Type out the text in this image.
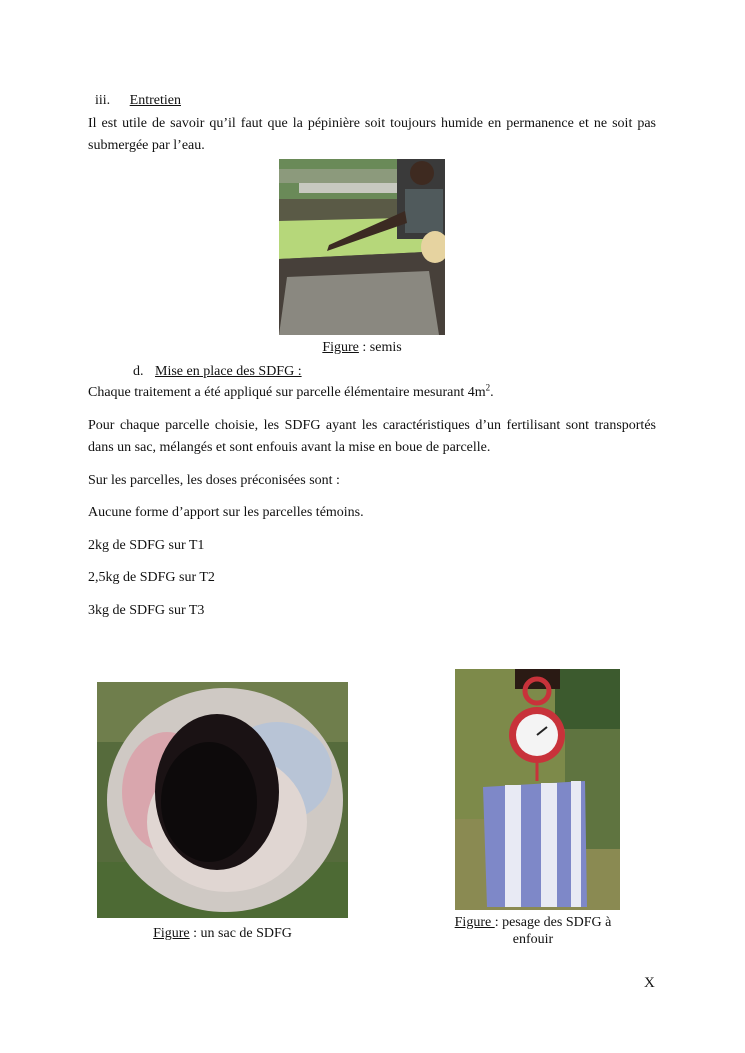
iii. Entretien
Il est utile de savoir qu’il faut que la pépinière soit toujours humide en permanence et ne soit pas submergée par l’eau.
Figure : semis
d. Mise en place des SDFG :
Chaque traitement a été appliqué sur parcelle élémentaire mesurant $4m^2$.
Pour chaque parcelle choisie, les SDFG ayant les caractéristiques d’un fertilisant sont transportés dans un sac, mélangés et sont enfouis avant la mise en boue de parcelle.
Sur les parcelles, les doses préconisées sont :
Aucune forme d’apport sur les parcelles témoins.
2kg de SDFG sur T1
2,5kg de SDFG sur T2
3kg de SDFG sur T3
Figure : un sac de SDFG
Figure : pesage des SDFG à
enfouir
X
